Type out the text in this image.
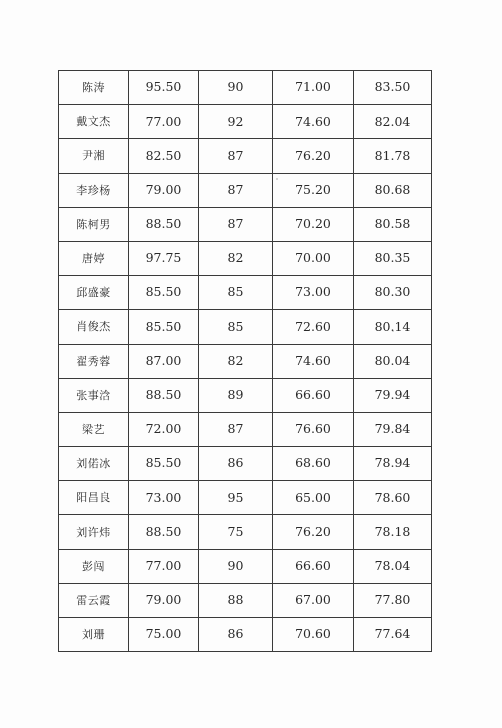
陈涛	95.50	90	71.00	83.50
戴文杰	77.00	92	74.60	82.04
尹湘	82.50	87	76.20	81.78
李珍杨	79.00	87	75.20	80.68
陈柯男	88.50	87	70.20	80.58
唐婷	97.75	82	70.00	80.35
邱盛豪	85.50	85	73.00	80.30
肖俊杰	85.50	85	72.60	80.14
翟秀蓉	87.00	82	74.60	80.04
张事浛	88.50	89	66.60	79.94
梁艺	72.00	87	76.60	79.84
刘偌冰	85.50	86	68.60	78.94
阳昌良	73.00	95	65.00	78.60
刘许炜	88.50	75	76.20	78.18
彭闯	77.00	90	66.60	78.04
雷云霞	79.00	88	67.00	77.80
刘珊	75.00	86	70.60	77.64
